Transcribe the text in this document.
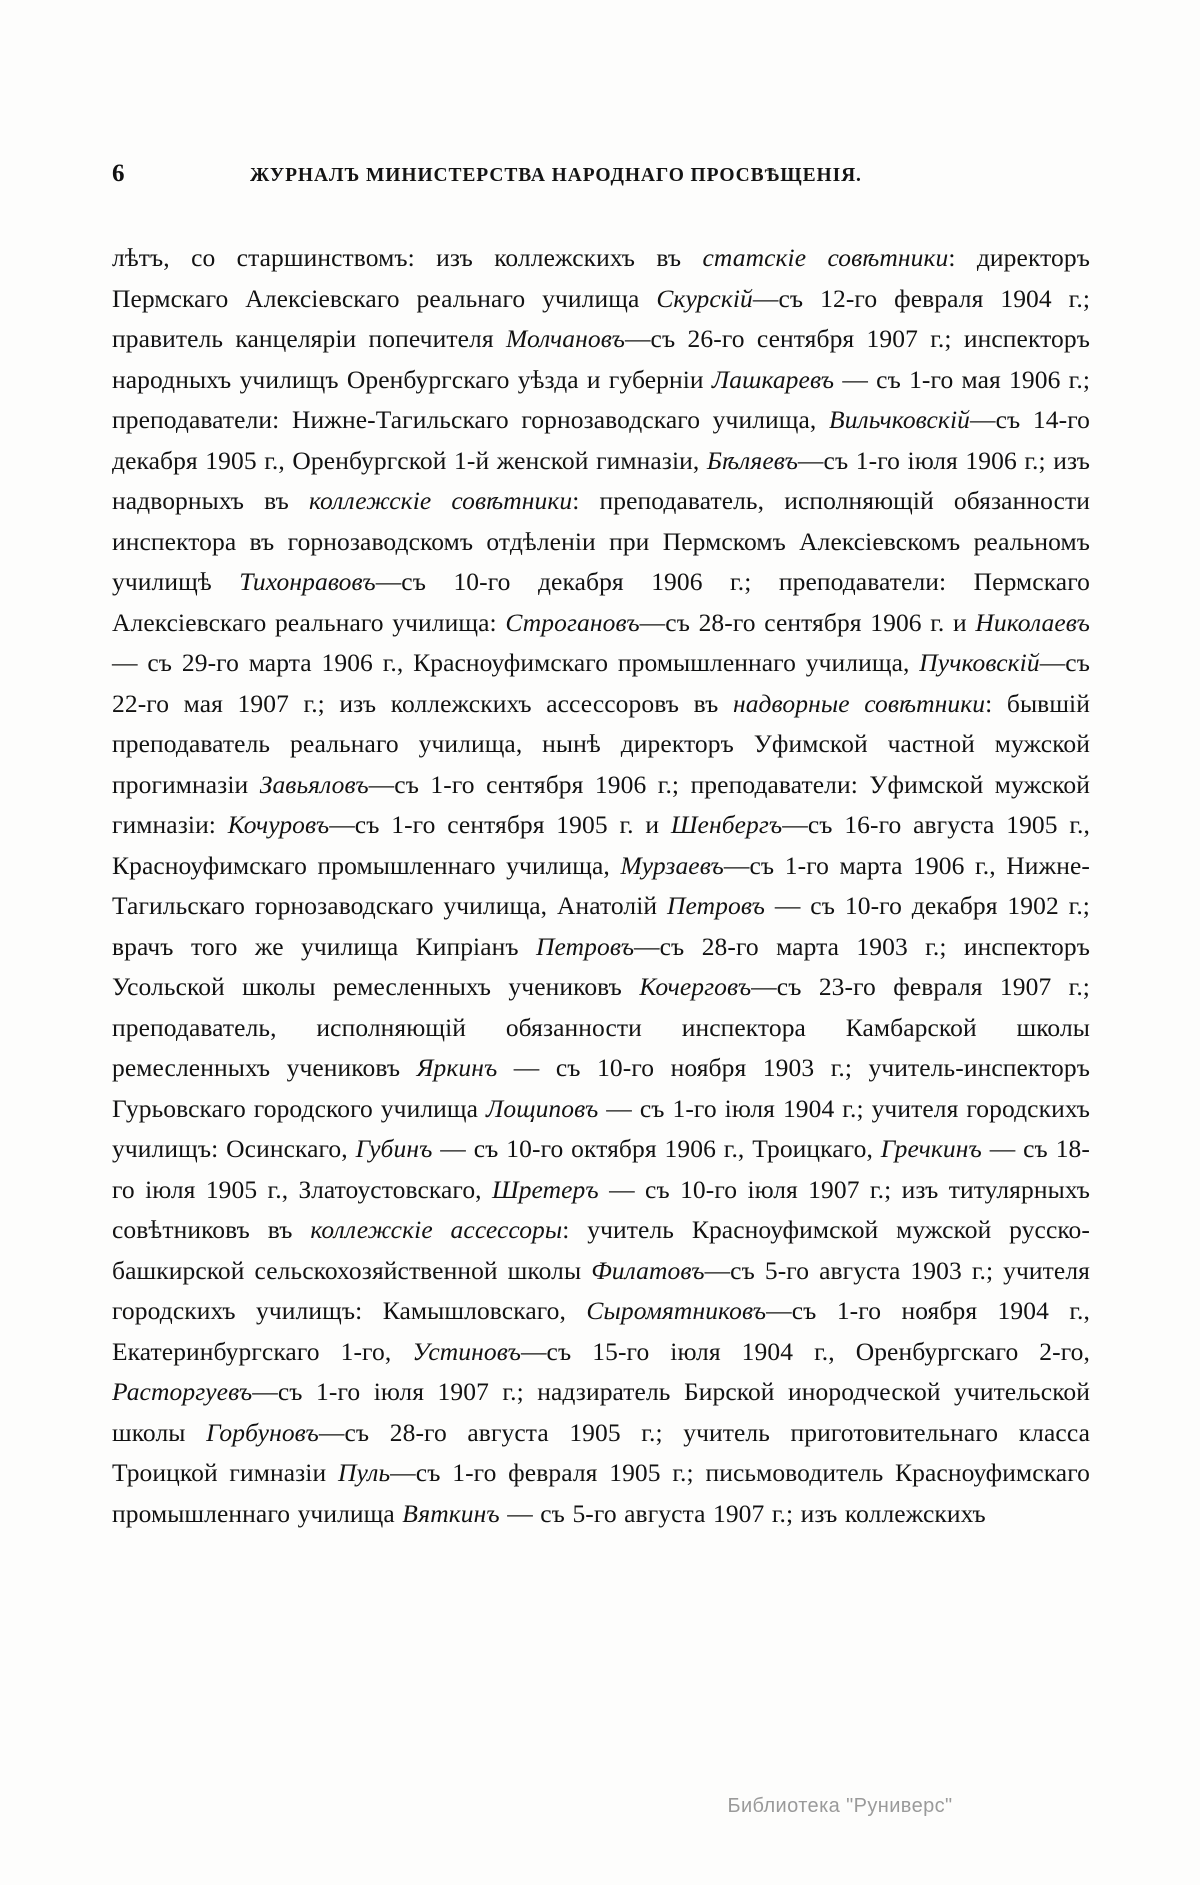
6	ЖУРНАЛЪ МИНИСТЕРСТВА НАРОДНАГО ПРОСВѢЩЕНІЯ.
лѣтъ, со старшинствомъ: изъ коллежскихъ въ статскіе совѣтники: директоръ Пермскаго Алексіевскаго реальнаго училища Скурскій—съ 12-го февраля 1904 г.; правитель канцеляріи попечителя Молчановъ—съ 26-го сентября 1907 г.; инспекторъ народныхъ училищъ Оренбургскаго уѣзда и губерніи Лашкаревъ — съ 1-го мая 1906 г.; преподаватели: Нижне-Тагильскаго горнозаводскаго училища, Вильчковскій—съ 14-го декабря 1905 г., Оренбургской 1-й женской гимназіи, Бѣляевъ—съ 1-го іюля 1906 г.; изъ надворныхъ въ коллежскіе совѣтники: преподаватель, исполняющій обязанности инспектора въ горнозаводскомъ отдѣленіи при Пермскомъ Алексіевскомъ реальномъ училищѣ Тихонравовъ—съ 10-го декабря 1906 г.; преподаватели: Пермскаго Алексіевскаго реальнаго училища: Строгановъ—съ 28-го сентября 1906 г. и Николаевъ — съ 29-го марта 1906 г., Красноуфимскаго промышленнаго училища, Пучковскій—съ 22-го мая 1907 г.; изъ коллежскихъ ассессоровъ въ надворные совѣтники: бывшій преподаватель реальнаго училища, нынѣ директоръ Уфимской частной мужской прогимназіи Завьяловъ—съ 1-го сентября 1906 г.; преподаватели: Уфимской мужской гимназіи: Кочуровъ—съ 1-го сентября 1905 г. и Шенбергъ—съ 16-го августа 1905 г., Красноуфимскаго промышленнаго училища, Мурзаевъ—съ 1-го марта 1906 г., Нижне-Тагильскаго горнозаводскаго училища, Анатолій Петровъ — съ 10-го декабря 1902 г.; врачъ того же училища Кипріанъ Петровъ—съ 28-го марта 1903 г.; инспекторъ Усольской школы ремесленныхъ учениковъ Кочерговъ—съ 23-го февраля 1907 г.; преподаватель, исполняющій обязанности инспектора Камбарской школы ремесленныхъ учениковъ Яркинъ — съ 10-го ноября 1903 г.; учитель-инспекторъ Гурьовскаго городского училища Лощиповъ — съ 1-го іюля 1904 г.; учителя городскихъ училищъ: Осинскаго, Губинъ — съ 10-го октября 1906 г., Троицкаго, Гречкинъ — съ 18-го іюля 1905 г., Златоустовскаго, Шретеръ — съ 10-го іюля 1907 г.; изъ титулярныхъ совѣтниковъ въ коллежскіе ассессоры: учитель Красноуфимской мужской русско-башкирской сельскохозяйственной школы Филатовъ—съ 5-го августа 1903 г.; учителя городскихъ училищъ: Камышловскаго, Сыромятниковъ—съ 1-го ноября 1904 г., Екатеринбургскаго 1-го, Устиновъ—съ 15-го іюля 1904 г., Оренбургскаго 2-го, Расторгуевъ—съ 1-го іюля 1907 г.; надзиратель Бирской инородческой учительской школы Горбуновъ—съ 28-го августа 1905 г.; учитель приготовительнаго класса Троицкой гимназіи Пуль—съ 1-го февраля 1905 г.; письмоводитель Красноуфимскаго промышленнаго училища Вяткинъ — съ 5-го августа 1907 г.; изъ коллежскихъ
Библиотека "Руниверс"
